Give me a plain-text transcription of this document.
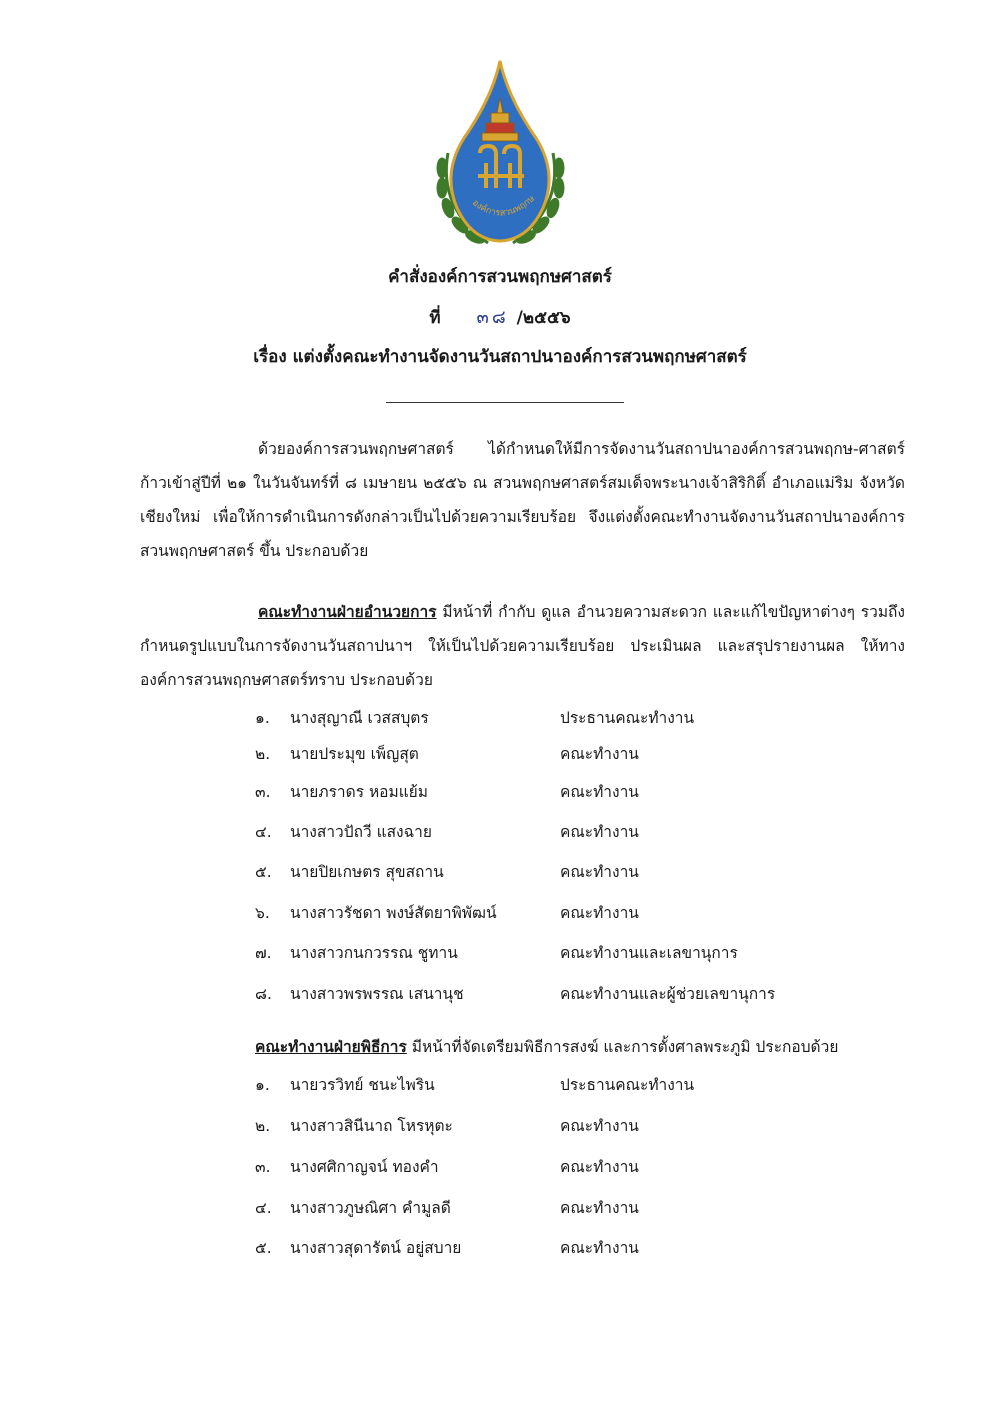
องค์การสวนพฤกษ
คำสั่งองค์การสวนพฤกษศาสตร์
ที่ ๓๘ /๒๕๕๖
เรื่อง แต่งตั้งคณะทำงานจัดงานวันสถาปนาองค์การสวนพฤกษศาสตร์
ด้วยองค์การสวนพฤกษศาสตร์ ได้กำหนดให้มีการจัดงานวันสถาปนาองค์การสวนพฤกษ-ศาสตร์ ก้าวเข้าสู่ปีที่ ๒๑ ในวันจันทร์ที่ ๘ เมษายน ๒๕๕๖ ณ สวนพฤกษศาสตร์สมเด็จพระนางเจ้าสิริกิติ์ อำเภอแม่ริม จังหวัดเชียงใหม่ เพื่อให้การดำเนินการดังกล่าวเป็นไปด้วยความเรียบร้อย จึงแต่งตั้งคณะทำงานจัดงานวันสถาปนาองค์การสวนพฤกษศาสตร์ ขึ้น ประกอบด้วย
คณะทำงานฝ่ายอำนวยการ มีหน้าที่ กำกับ ดูแล อำนวยความสะดวก และแก้ไขปัญหาต่างๆ รวมถึงกำหนดรูปแบบในการจัดงานวันสถาปนาฯ ให้เป็นไปด้วยความเรียบร้อย ประเมินผล และสรุปรายงานผล ให้ทางองค์การสวนพฤกษศาสตร์ทราบ ประกอบด้วย
๑.	นางสุญาณี เวสสบุตร	ประธานคณะทำงาน
๒.	นายประมุข เพ็ญสุต	คณะทำงาน
๓.	นายภราดร หอมแย้ม	คณะทำงาน
๔.	นางสาวปัถวี แสงฉาย	คณะทำงาน
๕.	นายปิยเกษตร สุขสถาน	คณะทำงาน
๖.	นางสาวรัชดา พงษ์สัตยาพิพัฒน์	คณะทำงาน
๗.	นางสาวกนกวรรณ ชูทาน	คณะทำงานและเลขานุการ
๘.	นางสาวพรพรรณ เสนานุช	คณะทำงานและผู้ช่วยเลขานุการ
คณะทำงานฝ่ายพิธีการ มีหน้าที่จัดเตรียมพิธีการสงฆ์ และการตั้งศาลพระภูมิ ประกอบด้วย
๑.	นายวรวิทย์ ชนะไพริน	ประธานคณะทำงาน
๒.	นางสาวสินีนาถ โหรหุตะ	คณะทำงาน
๓.	นางศศิกาญจน์ ทองคำ	คณะทำงาน
๔.	นางสาวภูษณิศา คำมูลดี	คณะทำงาน
๕.	นางสาวสุดารัตน์ อยู่สบาย	คณะทำงาน
